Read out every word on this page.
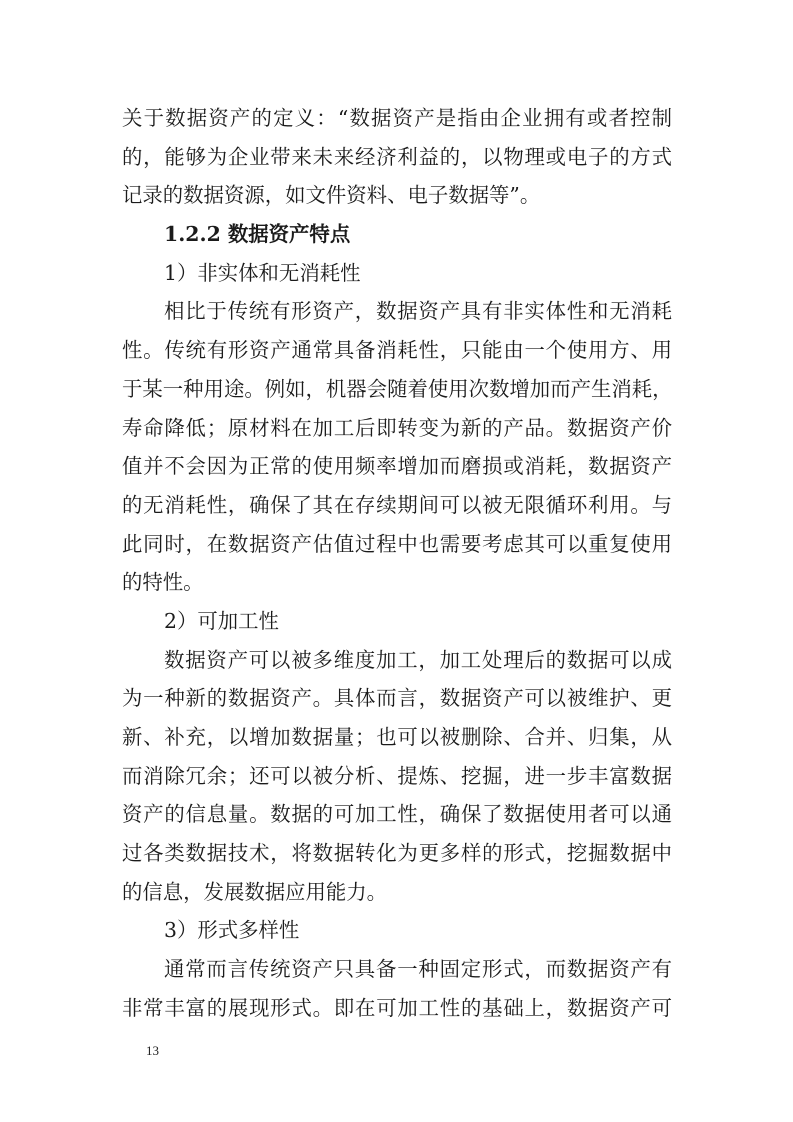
关于数据资产的定义：“数据资产是指由企业拥有或者控制
的，能够为企业带来未来经济利益的，以物理或电子的方式
记录的数据资源，如文件资料、电子数据等”。
1.2.2 数据资产特点
1）非实体和无消耗性
相比于传统有形资产，数据资产具有非实体性和无消耗
性。传统有形资产通常具备消耗性，只能由一个使用方、用
于某一种用途。例如，机器会随着使用次数增加而产生消耗，
寿命降低；原材料在加工后即转变为新的产品。数据资产价
值并不会因为正常的使用频率增加而磨损或消耗，数据资产
的无消耗性，确保了其在存续期间可以被无限循环利用。与
此同时，在数据资产估值过程中也需要考虑其可以重复使用
的特性。
2）可加工性
数据资产可以被多维度加工，加工处理后的数据可以成
为一种新的数据资产。具体而言，数据资产可以被维护、更
新、补充，以增加数据量；也可以被删除、合并、归集，从
而消除冗余；还可以被分析、提炼、挖掘，进一步丰富数据
资产的信息量。数据的可加工性，确保了数据使用者可以通
过各类数据技术，将数据转化为更多样的形式，挖掘数据中
的信息，发展数据应用能力。
3）形式多样性
通常而言传统资产只具备一种固定形式，而数据资产有
非常丰富的展现形式。即在可加工性的基础上，数据资产可
13
